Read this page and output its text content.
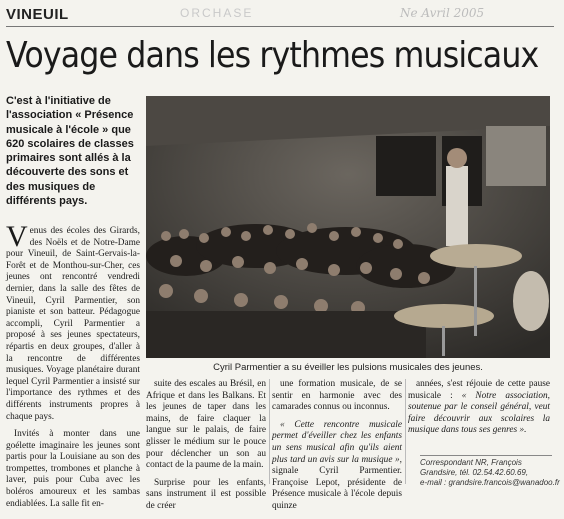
VINEUIL	ORCHASE	Ne Avril 2005
Voyage dans les rythmes musicaux
C'est à l'initiative de l'association « Présence musicale à l'école » que 620 scolaires de classes primaires sont allés à la découverte des sons et des musiques de différents pays.

Venus des écoles des Girards, des Noëls et de Notre-Dame pour Vineuil, de Saint-Gervais-la-Forêt et de Monthou-sur-Cher, ces jeunes ont rencontré vendredi dernier, dans la salle des fêtes de Vineuil, Cyril Parmentier, son pianiste et son batteur. Pédagogue accompli, Cyril Parmentier a proposé à ses jeunes spectateurs, répartis en deux groupes, d'aller à la rencontre de différentes musiques. Voyage planétaire durant lequel Cyril Parmentier a insisté sur l'importance des rythmes et des différents instruments propres à chaque pays.

Invités à monter dans une goélette imaginaire les jeunes sont partis pour la Louisiane au son des trompettes, trombones et planche à laver, puis pour Cuba avec les boléros amoureux et les sambas endiablées. La salle fit en-

Cyril Parmentier a su éveiller les pulsions musicales des jeunes.

suite des escales au Brésil, en Afrique et dans les Balkans. Et les jeunes de taper dans les mains, de faire claquer la langue sur le palais, de faire glisser le médium sur le pouce pour déclencher un son au contact de la paume de la main.

Surprise pour les enfants, sans instrument il est possible de créer

une formation musicale, de se sentir en harmonie avec des camarades connus ou inconnus.

« Cette rencontre musicale permet d'éveiller chez les enfants un sens musical afin qu'ils aient plus tard un avis sur la musique », signale Cyril Parmentier. Françoise Lepot, présidente de Présence musicale à l'école depuis quinze

années, s'est réjouie de cette pause musicale : « Notre association, soutenue par le conseil général, veut faire découvrir aux scolaires la musique dans tous ses genres ».

Correspondant NR, François Grandsire, tél. 02.54.42.60.69,
e-mail : grandsire.francois@wanadoo.fr
